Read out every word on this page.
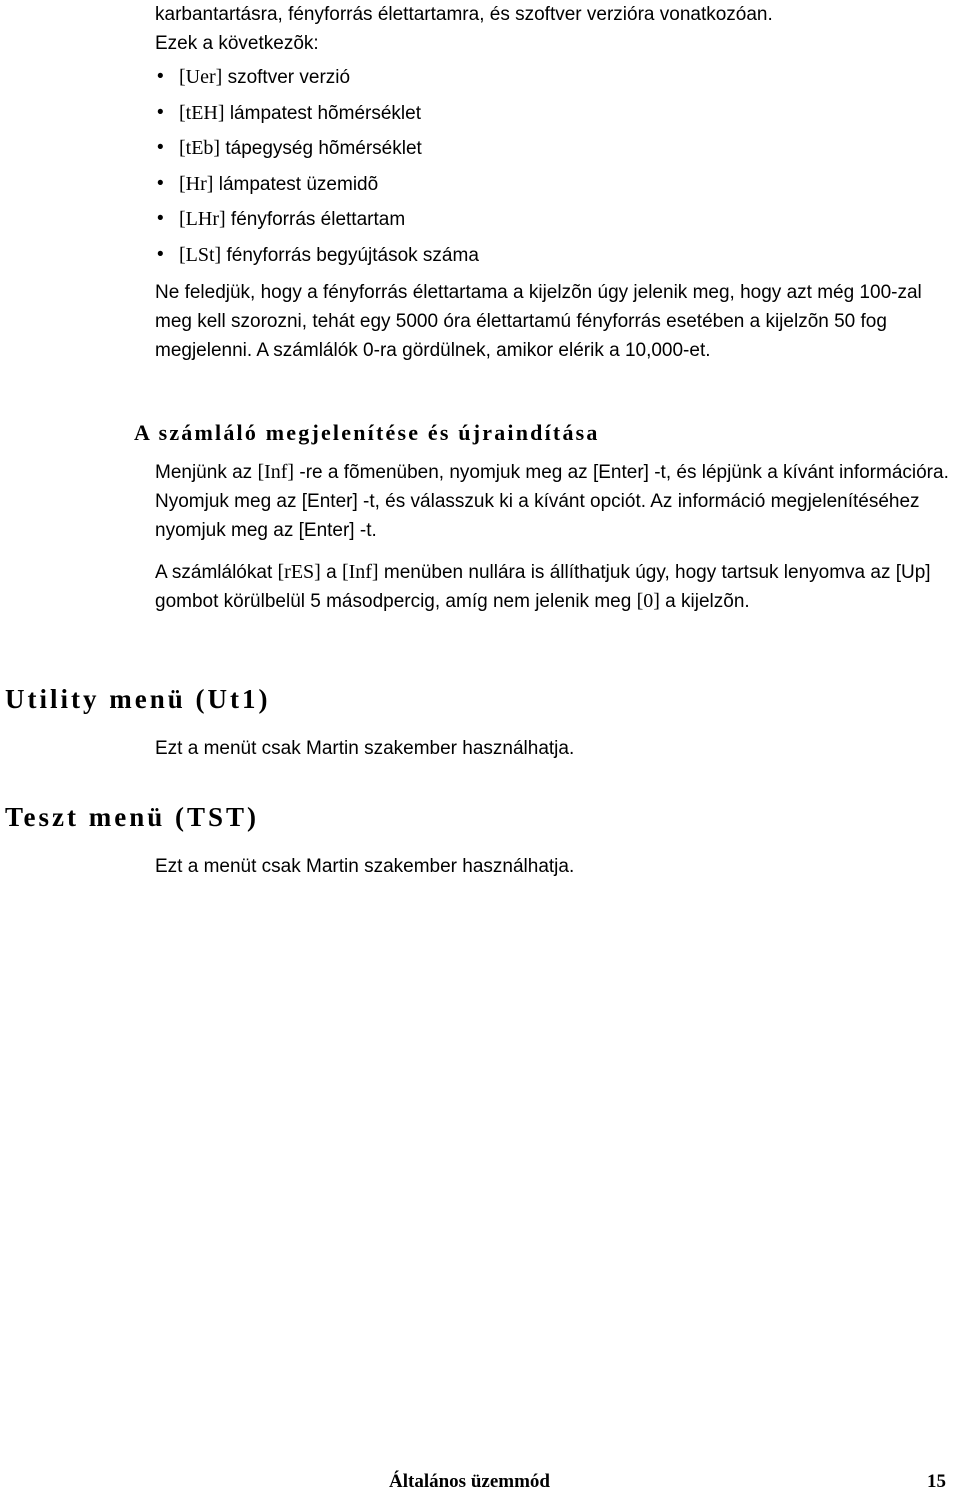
karbantartásra, fényforrás élettartamra, és szoftver verzióra vonatkozóan.

Ezek a következõk:

• [Uer] szoftver verzió
• [tEH] lámpatest hõmérséklet
• [tEb] tápegység hõmérséklet
• [Hr] lámpatest üzemidõ
• [LHr] fényforrás élettartam
• [LSt] fényforrás begyújtások száma

Ne feledjük, hogy a fényforrás élettartama a kijelzõn úgy jelenik meg, hogy azt még 100-zal meg kell szorozni, tehát egy 5000 óra élettartamú fényforrás esetében a kijelzõn 50 fog megjelenni. A számlálók 0-ra gördülnek, amikor elérik a 10,000-et.

A számláló megjelenítése és újraindítása

Menjünk az [Inf] -re a fõmenüben, nyomjuk meg az [Enter] -t, és lépjünk a kívánt információra. Nyomjuk meg az [Enter] -t, és válasszuk ki a kívánt opciót. Az információ megjelenítéséhez nyomjuk meg az [Enter] -t.

A számlálókat [rES] a [Inf] menüben nullára is állíthatjuk úgy, hogy tartsuk lenyomva az [Up] gombot körülbelül 5 másodpercig, amíg nem jelenik meg [0] a kijelzõn.

Utility menü (Ut1)

Ezt a menüt csak Martin szakember használhatja.

Teszt menü (TST)

Ezt a menüt csak Martin szakember használhatja.

Általános üzemmód	15
